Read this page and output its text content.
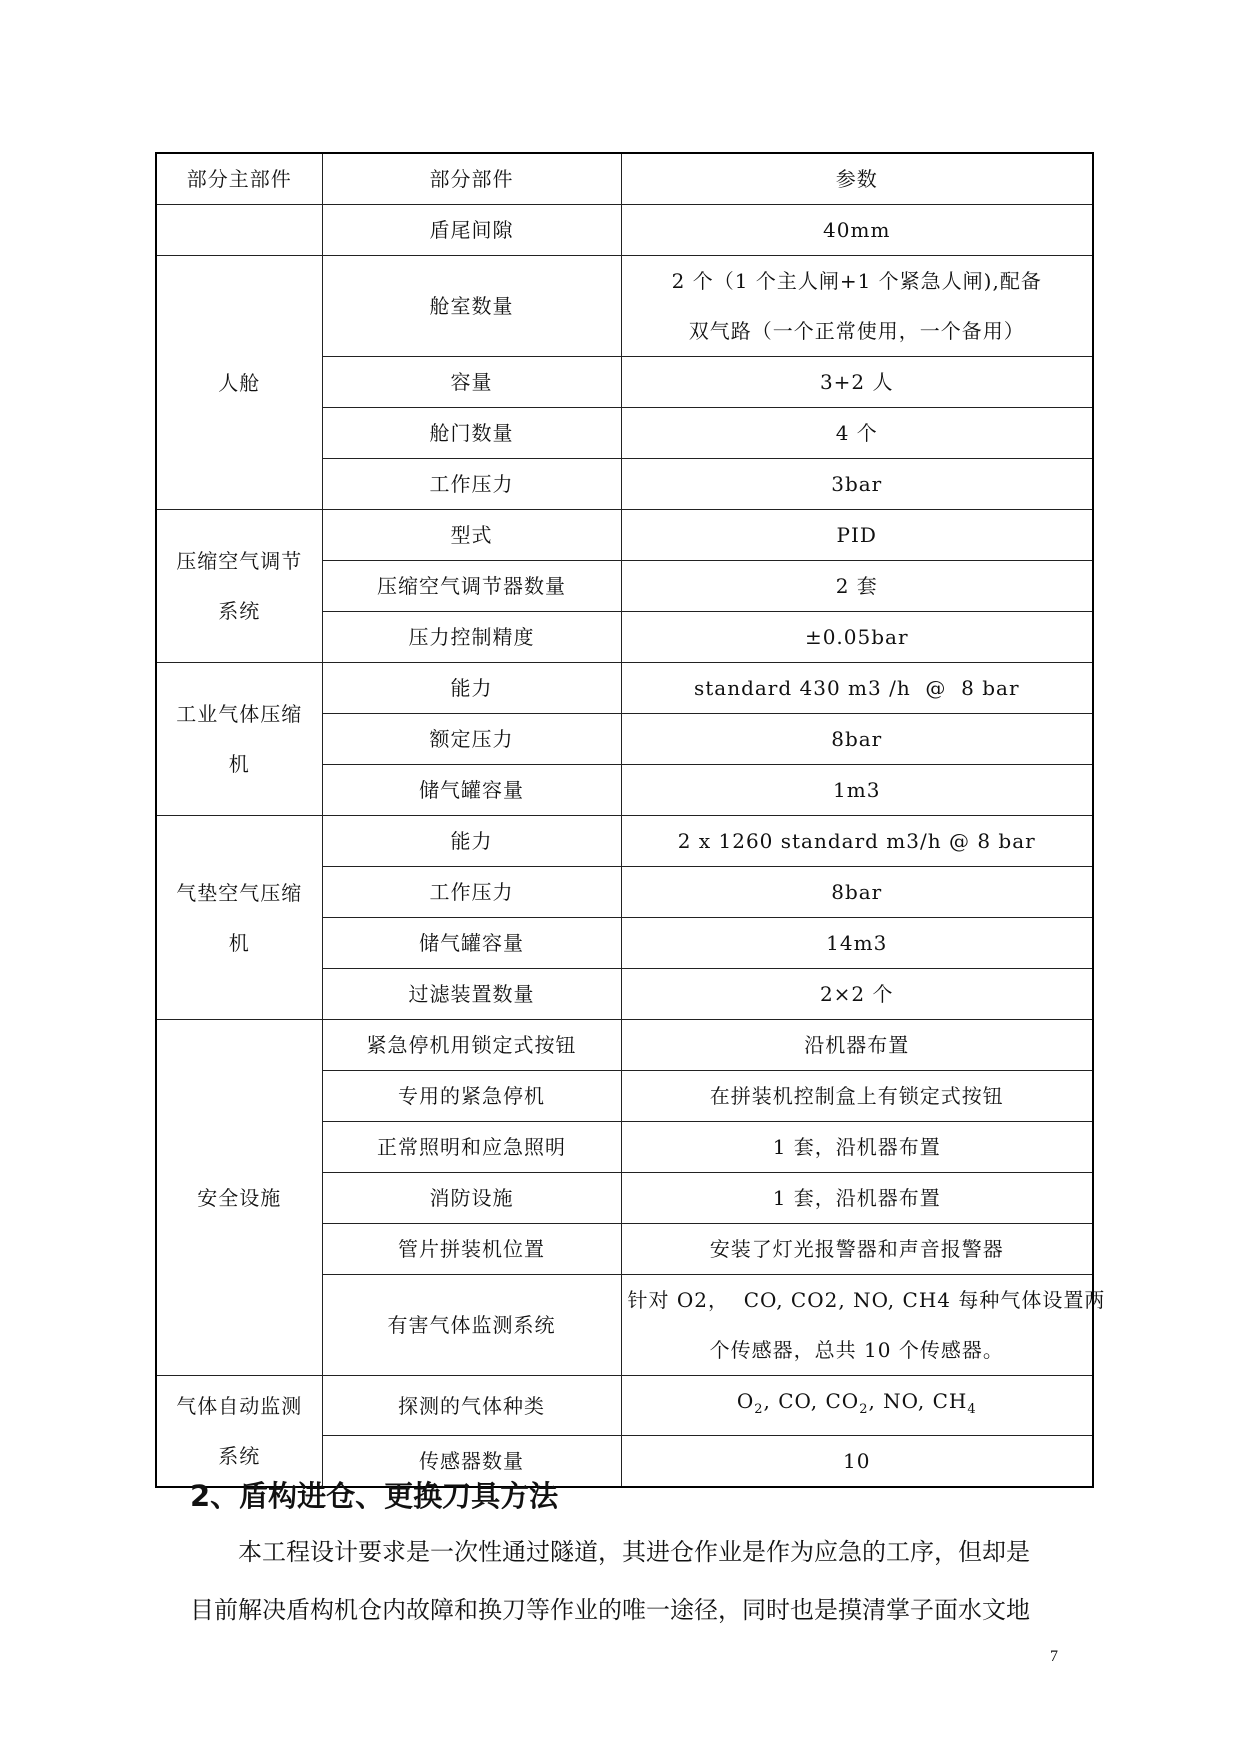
部分主部件	部分部件	参数
	盾尾间隙	40mm
人舱	舱室数量	2 个（1 个主人闸+1 个紧急人闸),配备
双气路（一个正常使用，一个备用）

	容量	3+2 人
	舱门数量	4 个
	工作压力	3bar

压缩空气调节
系统	型式	PID
	压缩空气调节器数量	2 套
	压力控制精度	±0.05bar

工业气体压缩
机	能力	standard 430 m3 /h  @  8 bar
	额定压力	8bar
	储气罐容量	1m3

气垫空气压缩
机	能力	2 x 1260 standard m3/h @ 8 bar
	工作压力	8bar
	储气罐容量	14m3
	过滤装置数量	2×2 个
安全设施	紧急停机用锁定式按钮	沿机器布置
	专用的紧急停机	在拼装机控制盒上有锁定式按钮
	正常照明和应急照明	1 套，沿机器布置
	消防设施	1 套，沿机器布置
	管片拼装机位置	安装了灯光报警器和声音报警器
	有害气体监测系统	针对 O2，  CO, CO2, NO, CH4 每种气体设置两
个传感器，总共 10 个传感器。

气体自动监测
系统	探测的气体种类	$O_2$, CO, $CO_2$, NO, $CH_4$
	传感器数量	10
2、盾构进仓、更换刀具方法

本工程设计要求是一次性通过隧道，其进仓作业是作为应急的工序，但却是

目前解决盾构机仓内故障和换刀等作业的唯一途径，同时也是摸清掌子面水文地

7
